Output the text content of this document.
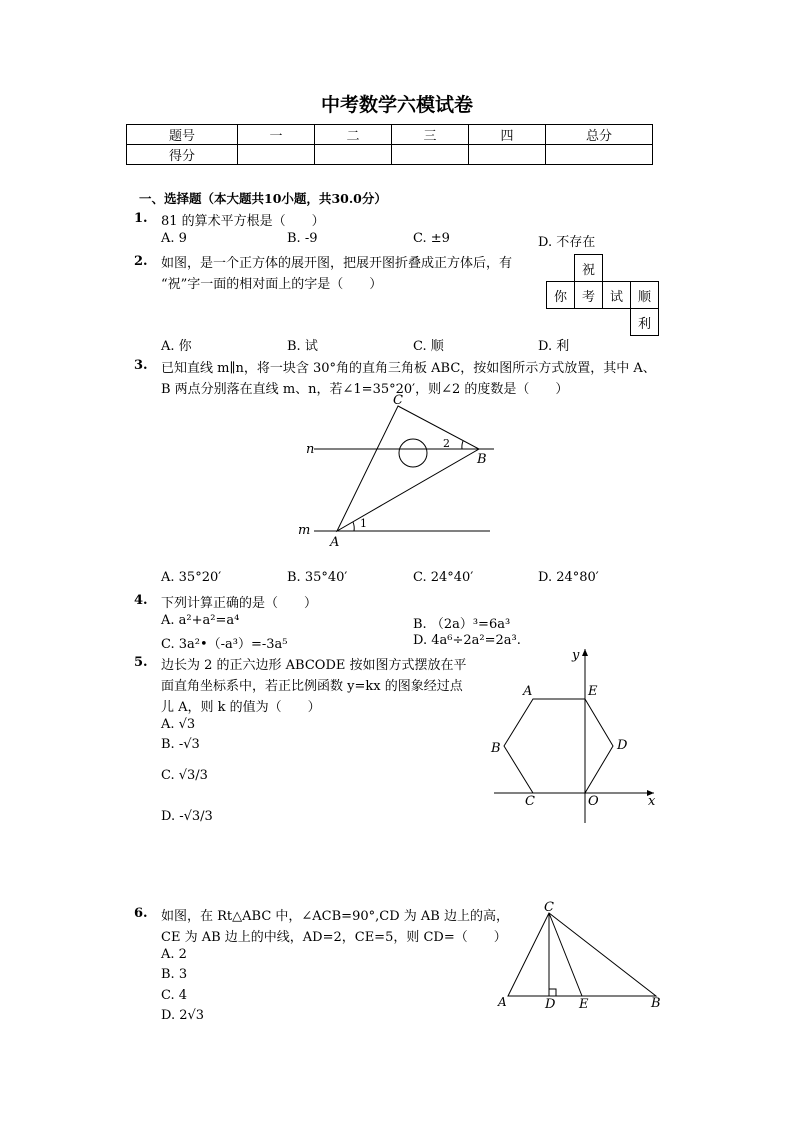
中考数学六模试卷
题号	一	二	三	四	总分
得分					
一、选择题（本大题共10小题，共30.0分）
1. 81 的算术平方根是（　　）
A. 9	B. -9	C. ±9	D. 不存在
2. 如图，是一个正方体的展开图，把展开图折叠成正方体后，有
“祝”字一面的相对面上的字是（　　）
	祝		
你	考	试	顺
			利
A. 你	B. 试	C. 顺	D. 利
3. 已知直线 m∥n，将一块含 30°角的直角三角板 ABC，按如图所示方式放置，其中 A、
B 两点分别落在直线 m、n，若∠1=35°20′，则∠2 的度数是（　　）
C
n	2
B
m	1
A
A. 35°20′	B. 35°40′	C. 24°40′	D. 24°80′
4. 下列计算正确的是（　　）
A. a²+a²=a⁴	B. （2a）³=6a³
C. 3a²•（-a³）=-3a⁵	D. 4a⁶÷2a²=2a³.
5. 边长为 2 的正六边形 ABCODE 按如图方式摆放在平
面直角坐标系中，若正比例函数 y=kx 的图象经过点
儿 A，则 k 的值为（　　）
A. √3
B. -√3
C. √3/3
D. -√3/3
y
A	E
B	D
C	O	x
6. 如图，在 Rt△ABC 中，∠ACB=90°,CD 为 AB 边上的高，
CE 为 AB 边上的中线，AD=2，CE=5，则 CD=（　　）
A. 2
B. 3
C. 4
D. 2√3
C
A	D E	B
